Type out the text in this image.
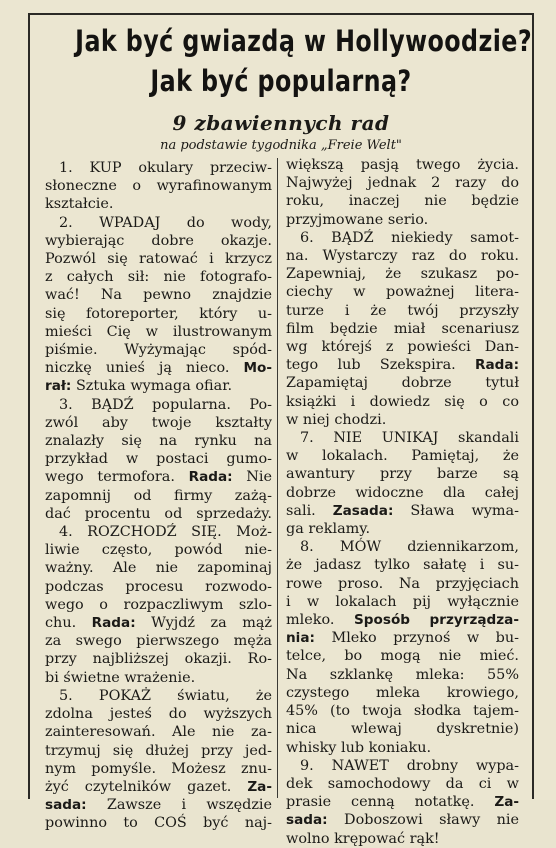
Jak być gwiazdą w Hollywoodzie?
Jak być popularną?
9 zbawiennych rad
na podstawie tygodnika „Freie Welt"
1. KUP okulary przeciw-
słoneczne o wyrafinowanym
kształcie.
2. WPADAJ do wody,
wybierając dobre okazje.
Pozwól się ratować i krzycz
z całych sił: nie fotografo-
wać! Na pewno znajdzie
się fotoreporter, który u-
mieści Cię w ilustrowanym
piśmie. Wyżymając spód-
niczkę unieś ją nieco. Mo-
rał: Sztuka wymaga ofiar.
3. BĄDŹ popularna. Po-
zwól aby twoje kształty
znalazły się na rynku na
przykład w postaci gumo-
wego termofora. Rada: Nie
zapomnij od firmy zażą-
dać procentu od sprzedaży.
4. ROZCHODŹ SIĘ. Moż-
liwie często, powód nie-
ważny. Ale nie zapominaj
podczas procesu rozwodo-
wego o rozpaczliwym szlo-
chu. Rada: Wyjdź za mąż
za swego pierwszego męża
przy najbliższej okazji. Ro-
bi świetne wrażenie.
5. POKAŻ światu, że
zdolna jesteś do wyższych
zainteresowań. Ale nie za-
trzymuj się dłużej przy jed-
nym pomyśle. Możesz znu-
żyć czytelników gazet. Za-
sada: Zawsze i wszędzie
powinno to COŚ być naj-
większą pasją twego życia.
Najwyżej jednak 2 razy do
roku, inaczej nie będzie
przyjmowane serio.
6. BĄDŹ niekiedy samot-
na. Wystarczy raz do roku.
Zapewniaj, że szukasz po-
ciechy w poważnej litera-
turze i że twój przyszły
film będzie miał scenariusz
wg którejś z powieści Dan-
tego lub Szekspira. Rada:
Zapamiętaj dobrze tytuł
książki i dowiedz się o co
w niej chodzi.
7. NIE UNIKAJ skandali
w lokalach. Pamiętaj, że
awantury przy barze są
dobrze widoczne dla całej
sali. Zasada: Sława wyma-
ga reklamy.
8. MÓW dziennikarzom,
że jadasz tylko sałatę i su-
rowe proso. Na przyjęciach
i w lokalach pij wyłącznie
mleko. Sposób przyrządza-
nia: Mleko przynoś w bu-
telce, bo mogą nie mieć.
Na szklankę mleka: 55%
czystego mleka krowiego,
45% (to twoja słodka tajem-
nica wlewaj dyskretnie)
whisky lub koniaku.
9. NAWET drobny wypa-
dek samochodowy da ci w
prasie cenną notatkę. Za-
sada: Doboszowi sławy nie
wolno krępować rąk!
